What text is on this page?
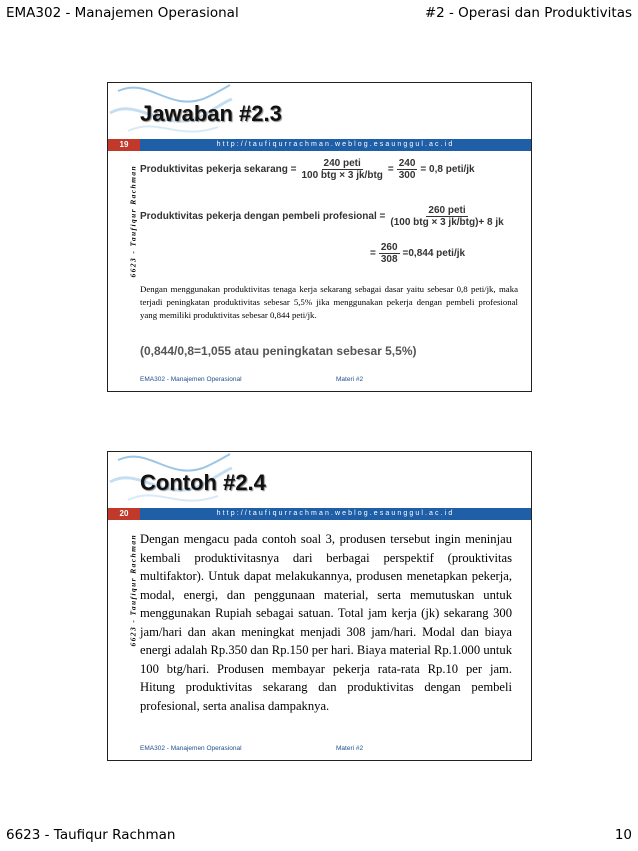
EMA302 - Manajemen Operasional	#2 - Operasi dan Produktivitas
Jawaban #2.3
19	http://taufiqurrachman.weblog.esaunggul.ac.id
6623 - Taufiqur Rachman Produktivitas pekerja sekarang = $\frac{\text{240 peti}}{\text{100 btg × 3 jk/btg}} = \frac{240}{300} = 0,8$ peti/jk
Produktivitas pekerja dengan pembeli profesional = $\frac{\text{260 peti}}{\text{(100 btg × 3 jk/btg)+ 8 jk}}$
= $\frac{260}{308} =0,844$ peti/jk
Dengan menggunakan produktivitas tenaga kerja sekarang sebagai dasar yaitu sebesar 0,8 peti/jk, maka terjadi peningkatan produktivitas sebesar 5,5% jika menggunakan pekerja dengan pembeli profesional yang memiliki produktivitas sebesar 0,844 peti/jk.
(0,844/0,8=1,055 atau peningkatan sebesar 5,5%)
EMA302 - Manajemen Operasional	Materi #2
Contoh #2.4
20	http://taufiqurrachman.weblog.esaunggul.ac.id
6623 - Taufiqur Rachman Dengan mengacu pada contoh soal 3, produsen tersebut ingin meninjau kembali produktivitasnya dari berbagai perspektif (prouktivitas multifaktor). Untuk dapat melakukannya, produsen menetapkan pekerja, modal, energi, dan penggunaan material, serta memutuskan untuk menggunakan Rupiah sebagai satuan. Total jam kerja (jk) sekarang 300 jam/hari dan akan meningkat menjadi 308 jam/hari. Modal dan biaya energi adalah Rp.350 dan Rp.150 per hari. Biaya material Rp.1.000 untuk 100 btg/hari. Produsen membayar pekerja rata-rata Rp.10 per jam. Hitung produktivitas sekarang dan produktivitas dengan pembeli profesional, serta analisa dampaknya.
EMA302 - Manajemen Operasional	Materi #2
6623 - Taufiqur Rachman	10
